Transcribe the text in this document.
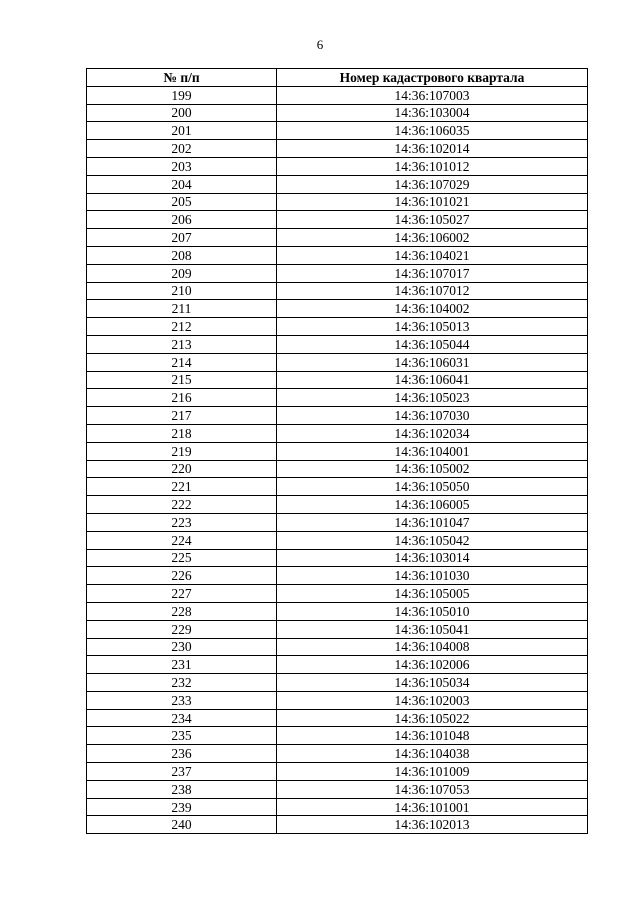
6
№ п/п	Номер кадастрового квартала
199	14:36:107003
200	14:36:103004
201	14:36:106035
202	14:36:102014
203	14:36:101012
204	14:36:107029
205	14:36:101021
206	14:36:105027
207	14:36:106002
208	14:36:104021
209	14:36:107017
210	14:36:107012
211	14:36:104002
212	14:36:105013
213	14:36:105044
214	14:36:106031
215	14:36:106041
216	14:36:105023
217	14:36:107030
218	14:36:102034
219	14:36:104001
220	14:36:105002
221	14:36:105050
222	14:36:106005
223	14:36:101047
224	14:36:105042
225	14:36:103014
226	14:36:101030
227	14:36:105005
228	14:36:105010
229	14:36:105041
230	14:36:104008
231	14:36:102006
232	14:36:105034
233	14:36:102003
234	14:36:105022
235	14:36:101048
236	14:36:104038
237	14:36:101009
238	14:36:107053
239	14:36:101001
240	14:36:102013
